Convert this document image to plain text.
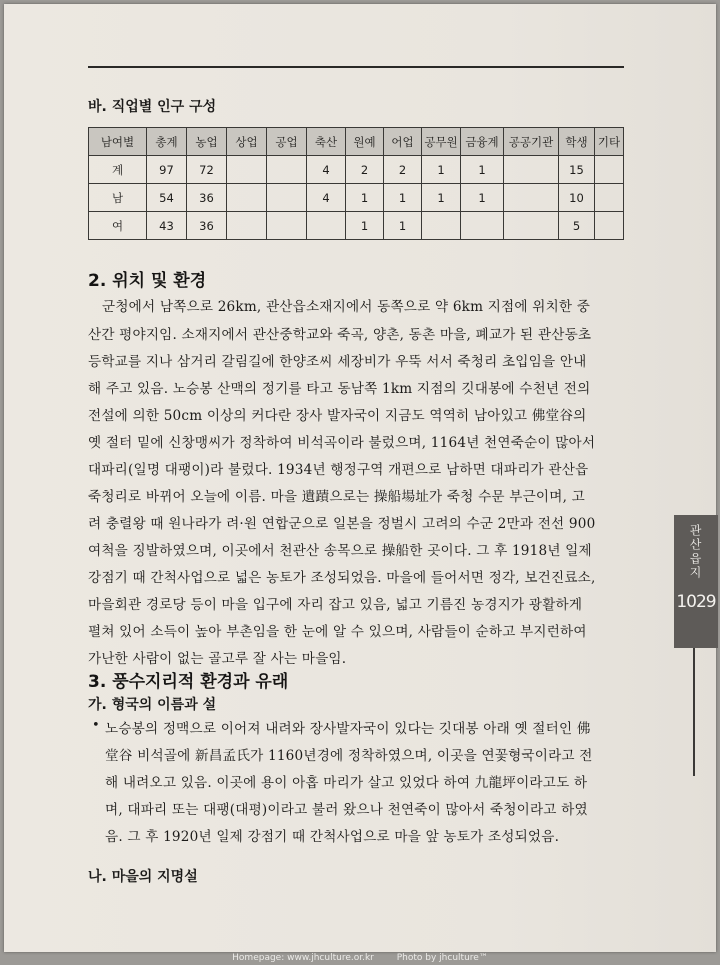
바. 직업별 인구 구성
남여별	총계	농업	상업	공업	축산	원예	어업	공무원	금융계	공공기관	학생	기타
계	97	72			4	2	2	1	1		15	
남	54	36			4	1	1	1	1		10	
여	43	36				1	1				5	
2. 위치 및 환경
군청에서 남쪽으로 26km, 관산읍소재지에서 동쪽으로 약 6km 지점에 위치한 중
산간 평야지임. 소재지에서 관산중학교와 죽곡, 양촌, 동촌 마을, 폐교가 된 관산동초
등학교를 지나 삼거리 갈림길에 한양조씨 세장비가 우뚝 서서 죽청리 초입임을 안내
해 주고 있음. 노승봉 산맥의 정기를 타고 동남쪽 1km 지점의 깃대봉에 수천년 전의
전설에 의한 50cm 이상의 커다란 장사 발자국이 지금도 역역히 남아있고 佛堂谷의
옛 절터 밑에 신창맹씨가 정착하여 비석곡이라 불렀으며, 1164년 천연죽순이 많아서
대파리(일명 대팽이)라 불렀다. 1934년 행정구역 개편으로 남하면 대파리가 관산읍
죽청리로 바뀌어 오늘에 이름. 마을 遺蹟으로는 操船場址가 죽청 수문 부근이며, 고
려 충렬왕 때 원나라가 려·원 연합군으로 일본을 정벌시 고려의 수군 2만과 전선 900
여척을 징발하였으며, 이곳에서 천관산 송목으로 操船한 곳이다. 그 후 1918년 일제
강점기 때 간척사업으로 넓은 농토가 조성되었음. 마을에 들어서면 정각, 보건진료소,
마을회관 경로당 등이 마을 입구에 자리 잡고 있음, 넓고 기름진 농경지가 광활하게
펼쳐 있어 소득이 높아 부촌임을 한 눈에 알 수 있으며, 사람들이 순하고 부지런하여
가난한 사람이 없는 골고루 잘 사는 마을임.
3. 풍수지리적 환경과 유래
가. 형국의 이름과 설
• 노승봉의 정맥으로 이어져 내려와 장사발자국이 있다는 깃대봉 아래 옛 절터인 佛
堂谷 비석골에 新昌孟氏가 1160년경에 정착하였으며, 이곳을 연꽃형국이라고 전
해 내려오고 있음. 이곳에 용이 아홉 마리가 살고 있었다 하여 九龍坪이라고도 하
며, 대파리 또는 대팽(대평)이라고 불러 왔으나 천연죽이 많아서 죽청이라고 하였
음. 그 후 1920년 일제 강점기 때 간척사업으로 마을 앞 농토가 조성되었음.
나. 마을의 지명설
관산읍지
1029
Homepage: www.jhculture.or.kr	Photo by jhculture™
